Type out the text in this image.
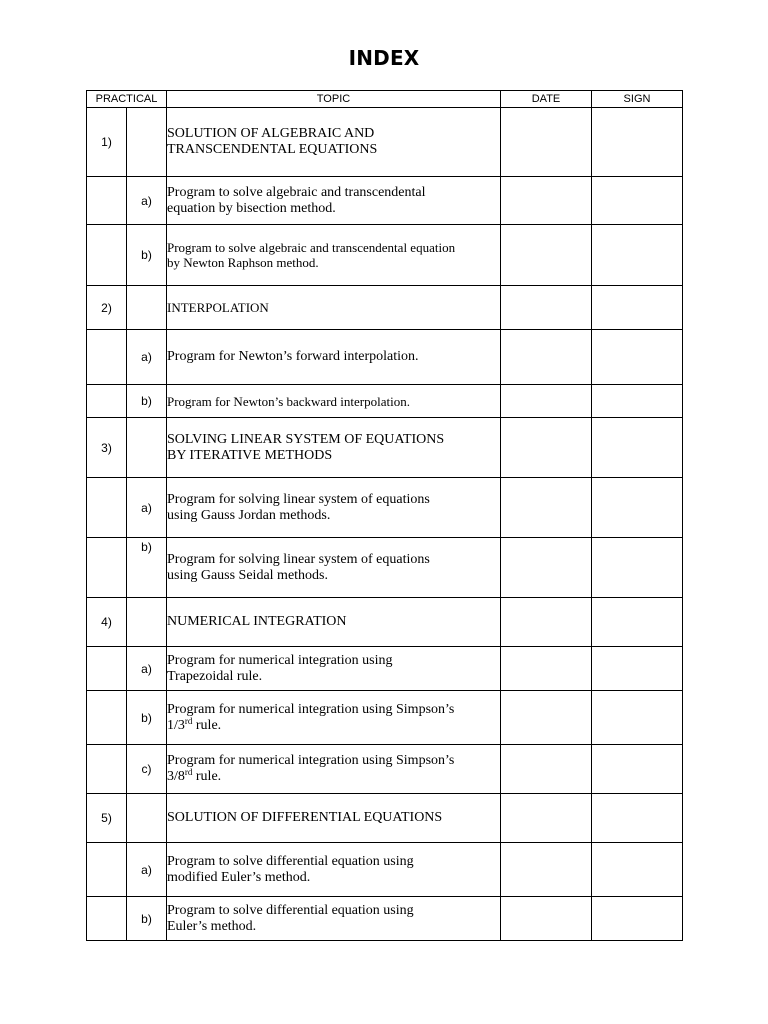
INDEX
PRACTICAL		TOPIC	DATE	SIGN
1)		SOLUTION OF ALGEBRAIC AND
TRANSCENDENTAL EQUATIONS		
	a)	Program to solve algebraic and transcendental
equation by bisection method.		
	b)	Program to solve algebraic and transcendental equation
by Newton Raphson method.		
2)		INTERPOLATION		
	a)	Program for Newton’s forward interpolation.		
	b)	Program for Newton’s backward interpolation.		
3)		SOLVING LINEAR SYSTEM OF EQUATIONS
BY ITERATIVE METHODS		
	a)	Program for solving linear system of equations
using Gauss Jordan methods.		
	b)	Program for solving linear system of equations
using Gauss Seidal methods.		
4)		NUMERICAL INTEGRATION		
	a)	Program for numerical integration using
Trapezoidal rule.		
	b)	Program for numerical integration using Simpson’s
1/3rd rule.		
	c)	Program for numerical integration using Simpson’s
3/8rd rule.		
5)		SOLUTION OF DIFFERENTIAL EQUATIONS		
	a)	Program to solve differential equation using
modified Euler’s method.		
	b)	Program to solve differential equation using
Euler’s method.		
